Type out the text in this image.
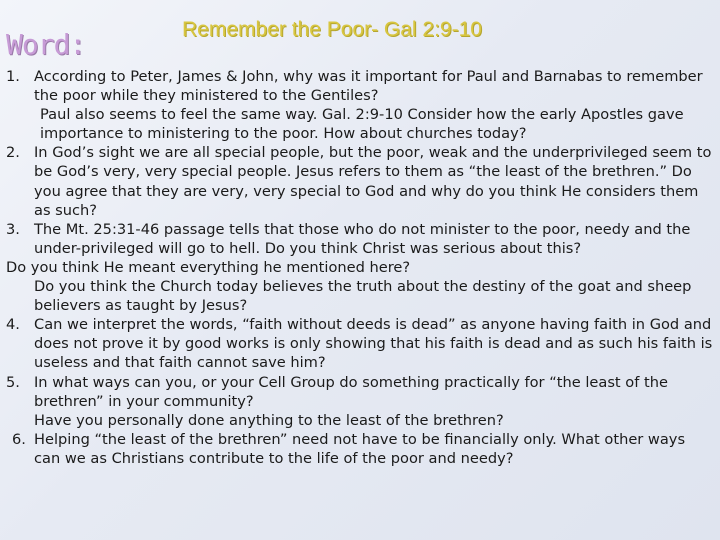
Word:	Remember the Poor- Gal 2:9-10
1. According to Peter, James & John, why was it important for Paul and Barnabas to remember the poor while they ministered to the Gentiles?
Paul also seems to feel the same way. Gal. 2:9-10 Consider how the early Apostles gave importance to ministering to the poor. How about churches today?
2. In God’s sight we are all special people, but the poor, weak and the underprivileged seem to be God’s very, very special people. Jesus refers to them as “the least of the brethren.” Do you agree that they are very, very special to God and why do you think He considers them as such?
3. The Mt. 25:31-46 passage tells that those who do not minister to the poor, needy and the under-privileged will go to hell. Do you think Christ was serious about this?
Do you think He meant everything he mentioned here?
Do you think the Church today believes the truth about the destiny of the goat and sheep believers as taught by Jesus?
4. Can we interpret the words, “faith without deeds is dead” as anyone having faith in God and does not prove it by good works is only showing that his faith is dead and as such his faith is useless and that faith cannot save him?
5. In what ways can you, or your Cell Group do something practically for “the least of the brethren” in your community?
Have you personally done anything to the least of the brethren?
6. Helping “the least of the brethren” need not have to be financially only. What other ways can we as Christians contribute to the life of the poor and needy?
